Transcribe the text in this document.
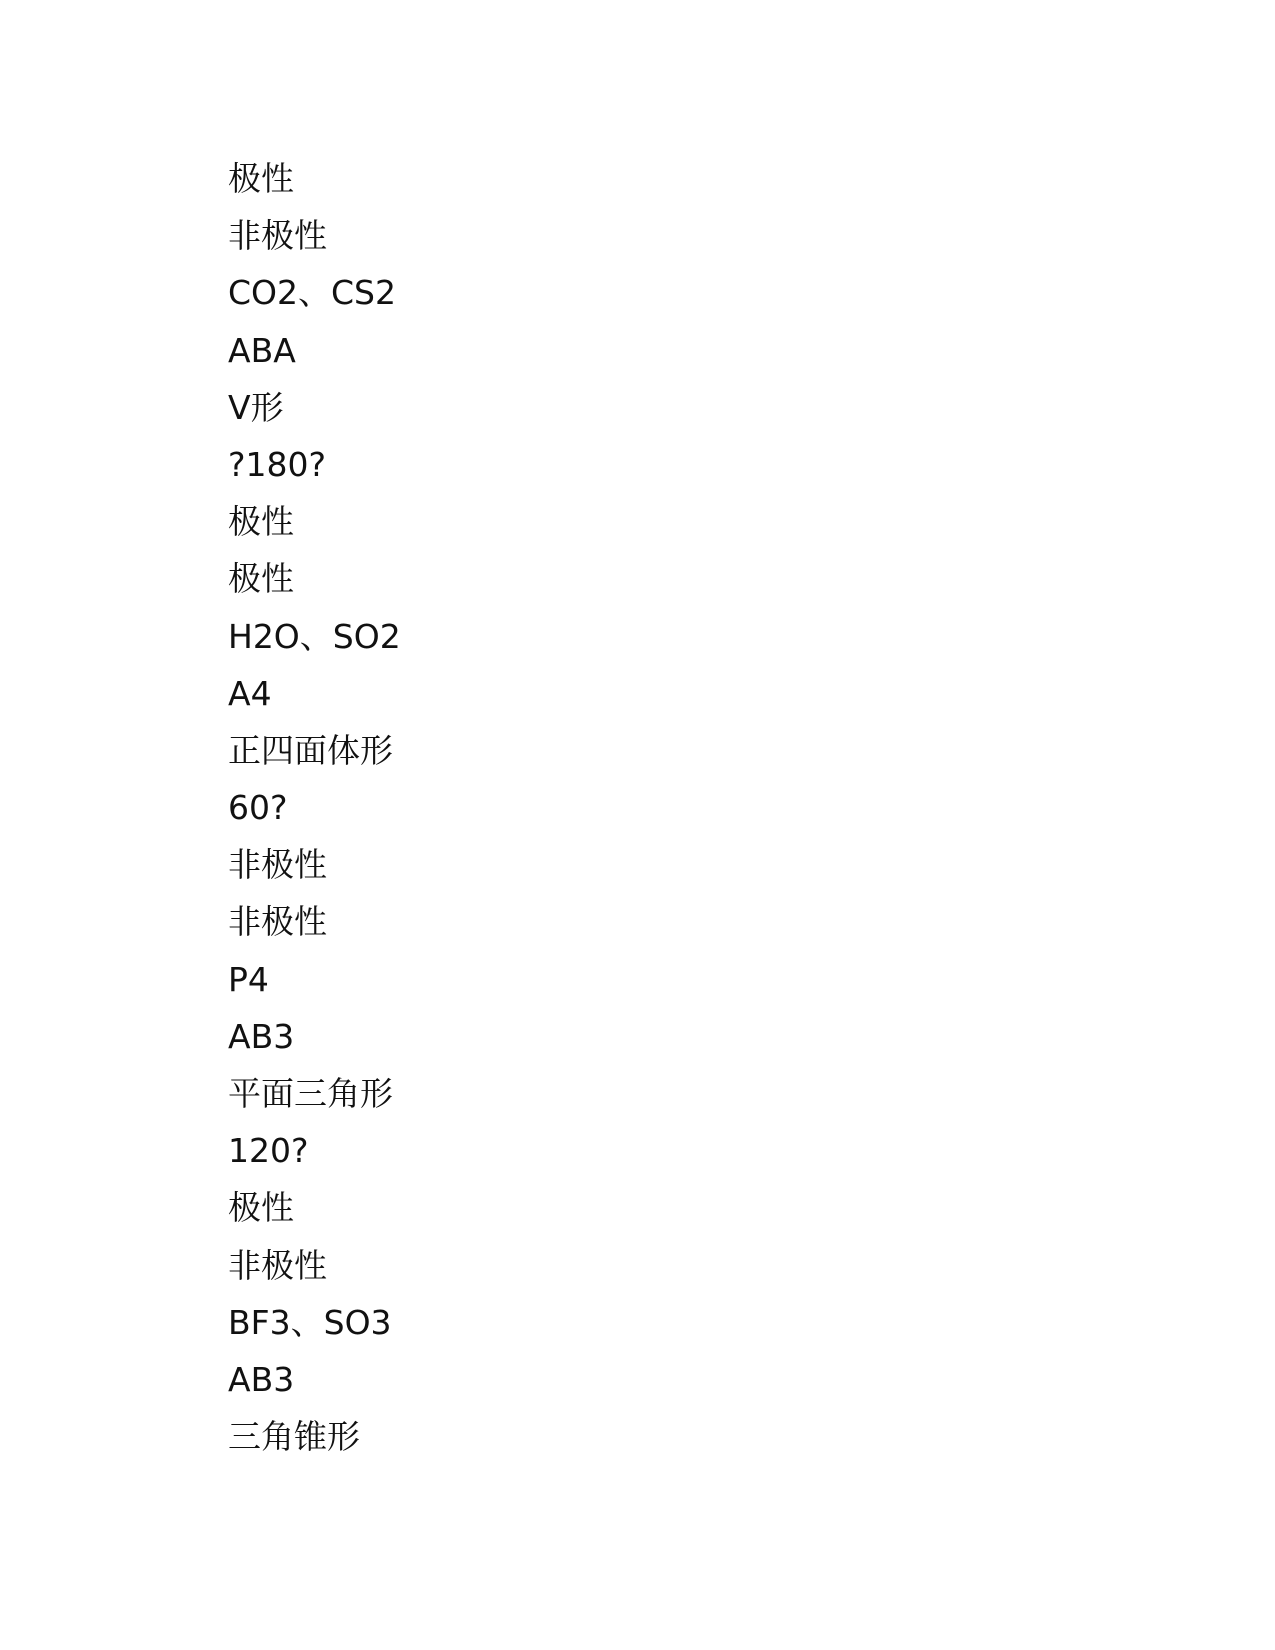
极性
非极性
CO2、CS2
ABA
V形
?180?
极性
极性
H2O、SO2
A4
正四面体形
60?
非极性
非极性
P4
AB3
平面三角形
120?
极性
非极性
BF3、SO3
AB3
三角锥形
